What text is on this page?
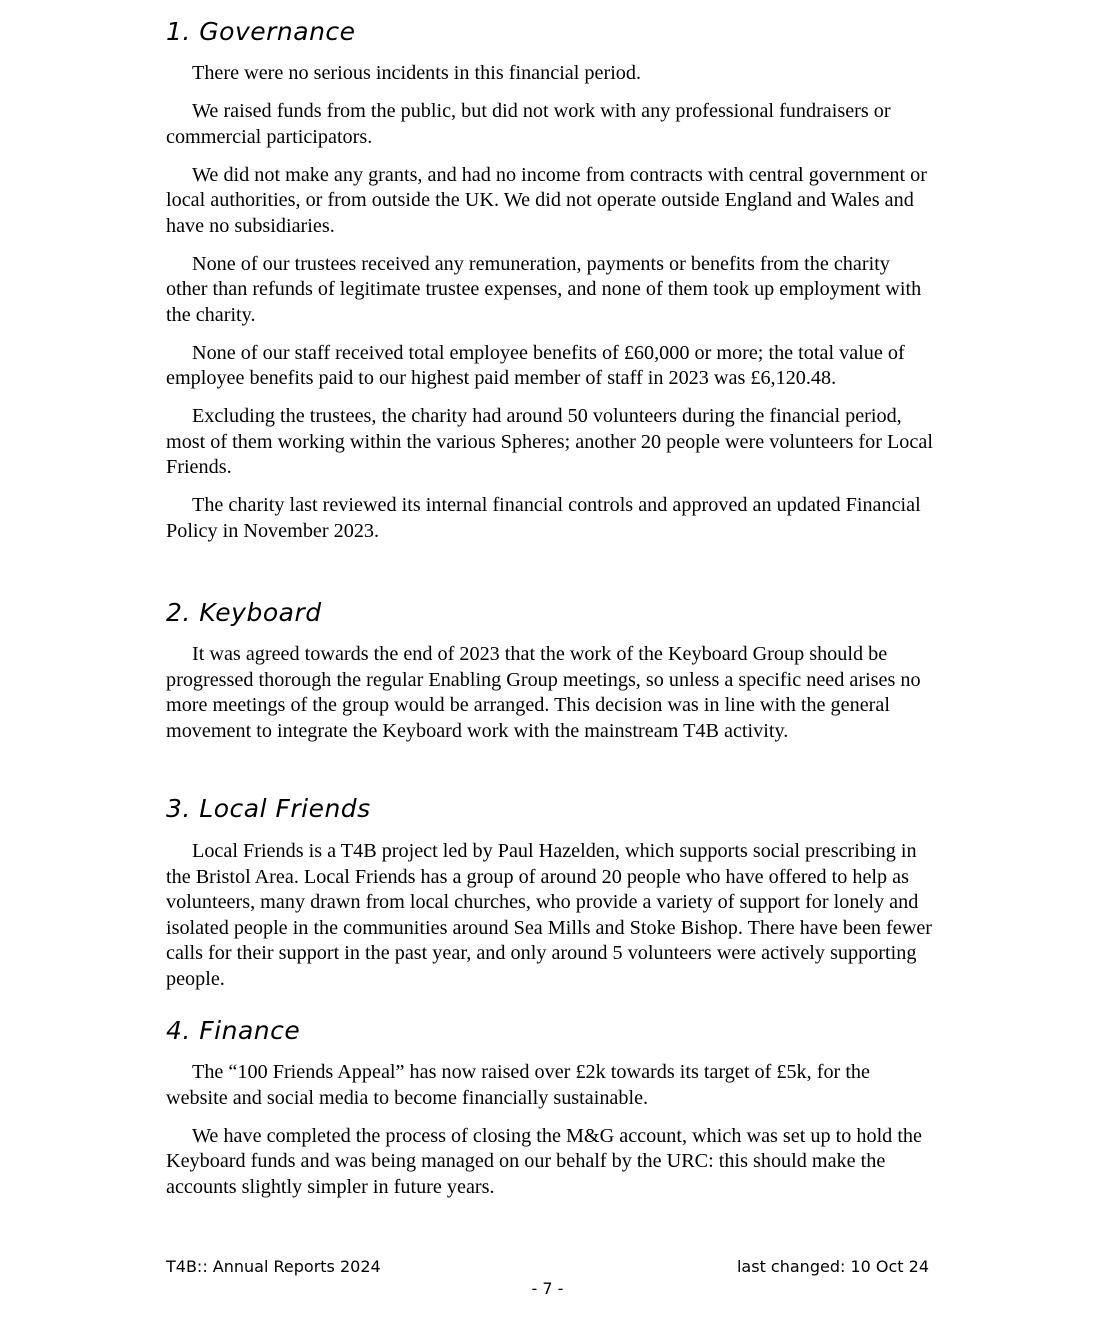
1. Governance

There were no serious incidents in this financial period.

We raised funds from the public, but did not work with any professional fundraisers or commercial participators.

We did not make any grants, and had no income from contracts with central government or local authorities, or from outside the UK. We did not operate outside England and Wales and have no subsidiaries.

None of our trustees received any remuneration, payments or benefits from the charity other than refunds of legitimate trustee expenses, and none of them took up employment with the charity.

None of our staff received total employee benefits of £60,000 or more; the total value of employee benefits paid to our highest paid member of staff in 2023 was £6,120.48.

Excluding the trustees, the charity had around 50 volunteers during the financial period, most of them working within the various Spheres; another 20 people were volunteers for Local Friends.

The charity last reviewed its internal financial controls and approved an updated Financial Policy in November 2023.

2. Keyboard

It was agreed towards the end of 2023 that the work of the Keyboard Group should be progressed thorough the regular Enabling Group meetings, so unless a specific need arises no more meetings of the group would be arranged. This decision was in line with the general movement to integrate the Keyboard work with the mainstream T4B activity.

3. Local Friends

Local Friends is a T4B project led by Paul Hazelden, which supports social prescribing in the Bristol Area. Local Friends has a group of around 20 people who have offered to help as volunteers, many drawn from local churches, who provide a variety of support for lonely and isolated people in the communities around Sea Mills and Stoke Bishop. There have been fewer calls for their support in the past year, and only around 5 volunteers were actively supporting people.

4. Finance

The “100 Friends Appeal” has now raised over £2k towards its target of £5k, for the website and social media to become financially sustainable.

We have completed the process of closing the M&G account, which was set up to hold the Keyboard funds and was being managed on our behalf by the URC: this should make the accounts slightly simpler in future years.

T4B:: Annual Reports 2024	last changed: 10 Oct 24
- 7 -
